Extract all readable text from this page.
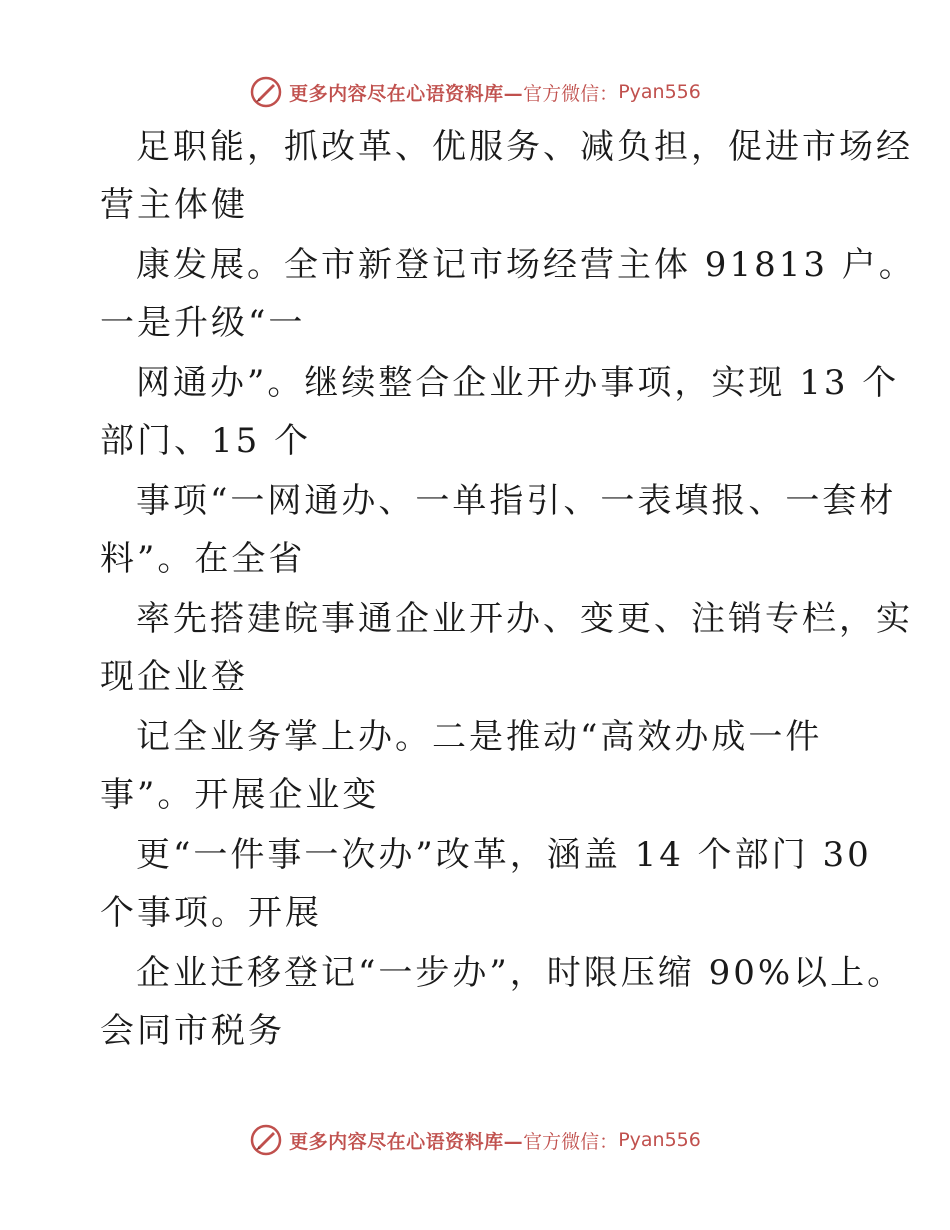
更多内容尽在心语资料库— 官方微信： Pyan556
足职能，抓改革、优服务、减负担，促进市场经
营主体健
康发展。全市新登记市场经营主体 91813 户。
一是升级“一
网通办”。继续整合企业开办事项，实现 13 个
部门、15 个
事项“一网通办、一单指引、一表填报、一套材
料”。在全省
率先搭建皖事通企业开办、变更、注销专栏，实
现企业登
记全业务掌上办。二是推动“高效办成一件
事”。开展企业变
更“一件事一次办”改革，涵盖 14 个部门 30
个事项。开展
企业迁移登记“一步办”，时限压缩 90%以上。
会同市税务
更多内容尽在心语资料库— 官方微信： Pyan556
